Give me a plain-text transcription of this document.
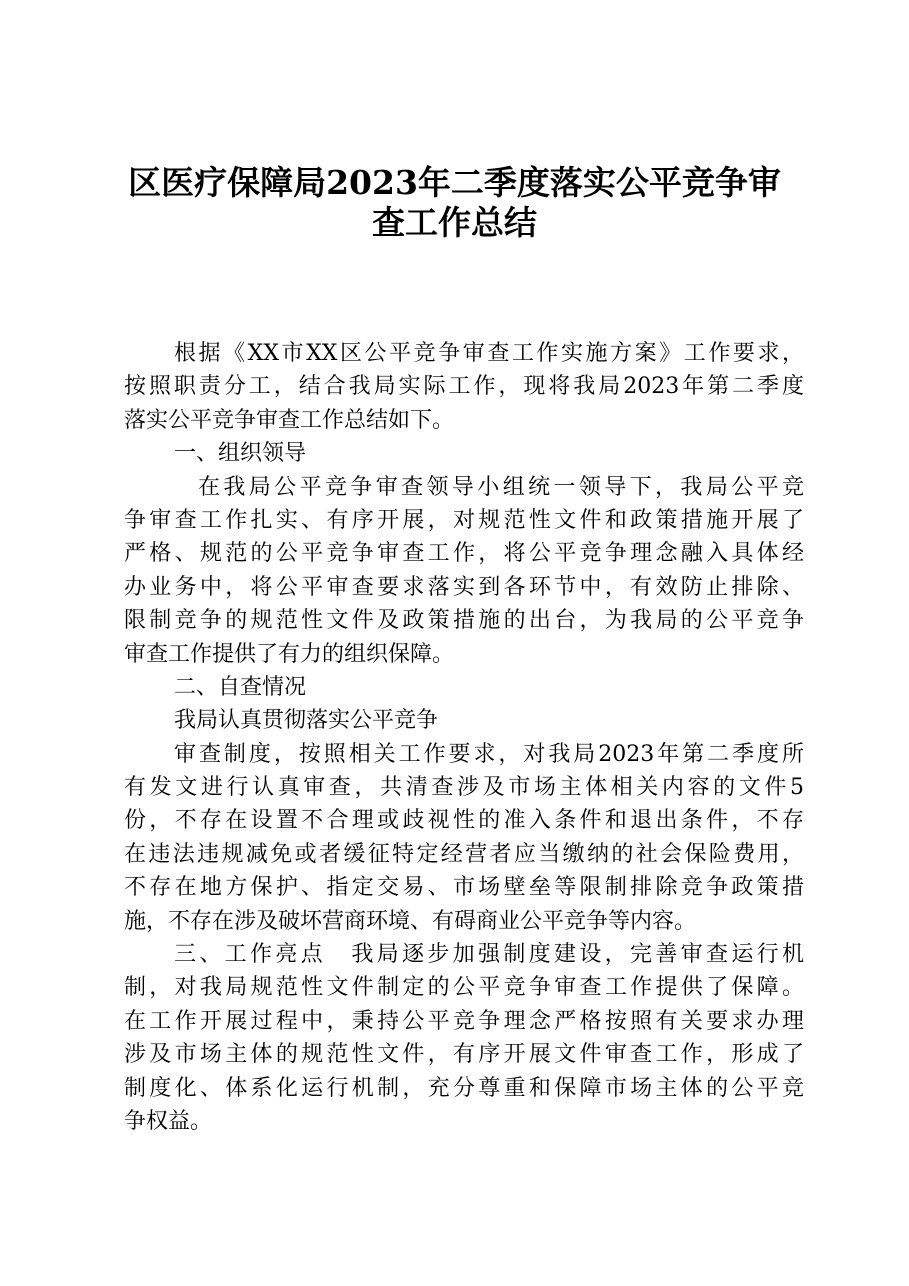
区医疗保障局2023年二季度落实公平竞争审
查工作总结
根据《XX市XX区公平竞争审查工作实施方案》工作要求，
按照职责分工，结合我局实际工作，现将我局2023年第二季度
落实公平竞争审查工作总结如下。
一、组织领导
在我局公平竞争审查领导小组统一领导下，我局公平竞
争审查工作扎实、有序开展，对规范性文件和政策措施开展了
严格、规范的公平竞争审查工作，将公平竞争理念融入具体经
办业务中，将公平审查要求落实到各环节中，有效防止排除、
限制竞争的规范性文件及政策措施的出台，为我局的公平竞争
审查工作提供了有力的组织保障。
二、自查情况
我局认真贯彻落实公平竞争
审查制度，按照相关工作要求，对我局2023年第二季度所
有发文进行认真审查，共清查涉及市场主体相关内容的文件5
份，不存在设置不合理或歧视性的准入条件和退出条件，不存
在违法违规减免或者缓征特定经营者应当缴纳的社会保险费用，
不存在地方保护、指定交易、市场壁垒等限制排除竞争政策措
施，不存在涉及破坏营商环境、有碍商业公平竞争等内容。
三、工作亮点　我局逐步加强制度建设，完善审查运行机
制，对我局规范性文件制定的公平竞争审查工作提供了保障。
在工作开展过程中，秉持公平竞争理念严格按照有关要求办理
涉及市场主体的规范性文件，有序开展文件审查工作，形成了
制度化、体系化运行机制，充分尊重和保障市场主体的公平竞
争权益。
